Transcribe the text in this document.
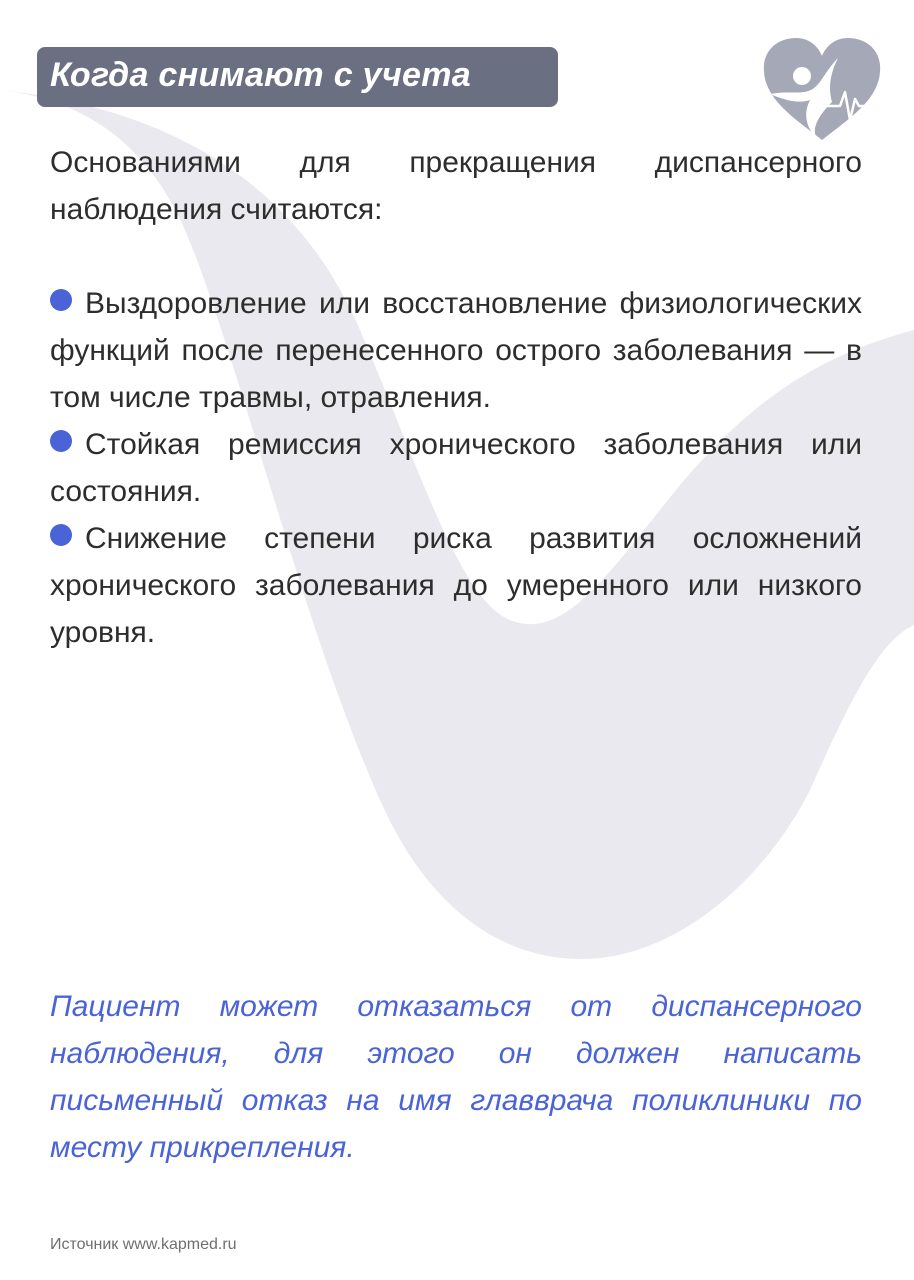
Когда снимают с учета

Основаниями для прекращения диспансерного наблюдения считаются:

Выздоровление или восстановление физиологических функций после перенесенного острого заболевания — в том числе травмы, отравления.
Стойкая ремиссия хронического заболевания или состояния.
Снижение степени риска развития осложнений хронического заболевания до умеренного или низкого уровня.

Пациент может отказаться от диспансерного наблюдения, для этого он должен написать письменный отказ на имя главврача поликлиники по месту прикрепления.

Источник www.kapmed.ru
